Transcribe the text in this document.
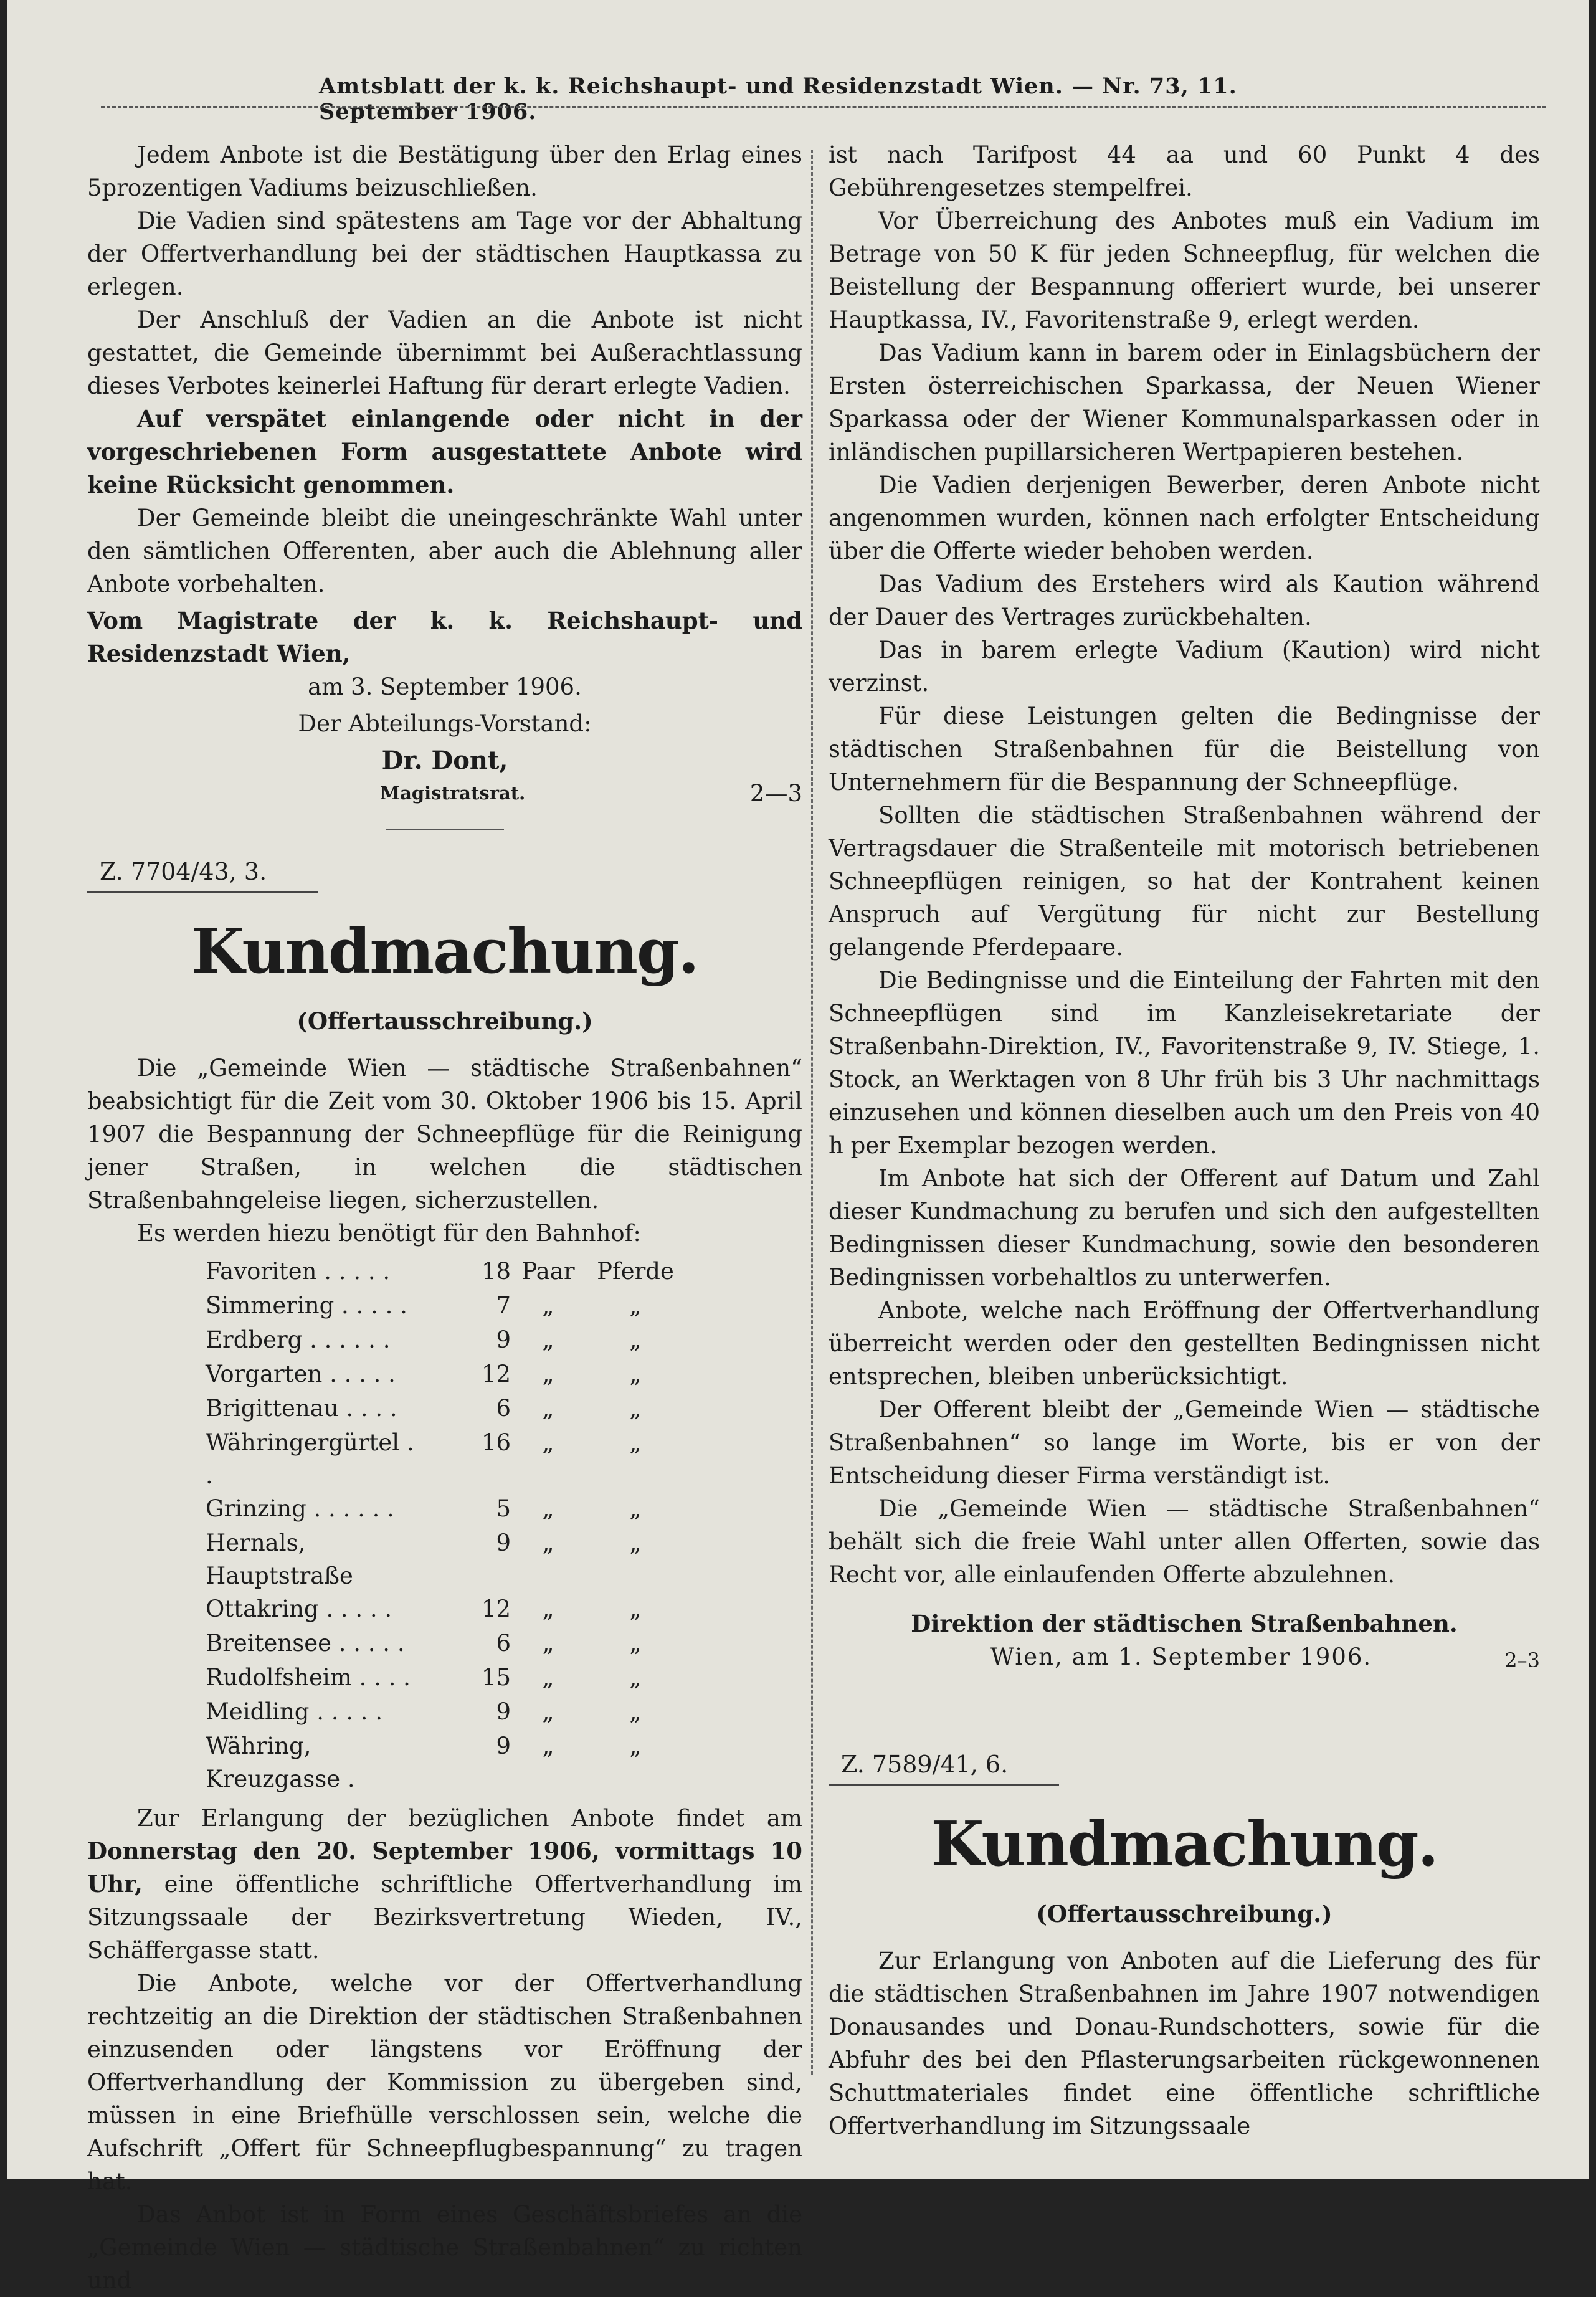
Amtsblatt der k. k. Reichshaupt- und Residenzstadt Wien. — Nr. 73, 11. September 1906.

Jedem Anbote ist die Bestätigung über den Erlag eines 5prozentigen Vadiums beizuschließen.

Die Vadien sind spätestens am Tage vor der Abhaltung der Offertverhandlung bei der städtischen Hauptkassa zu erlegen.

Der Anschluß der Vadien an die Anbote ist nicht gestattet, die Gemeinde übernimmt bei Außerachtlassung dieses Verbotes keinerlei Haftung für derart erlegte Vadien.

Auf verspätet einlangende oder nicht in der vorgeschriebenen Form ausgestattete Anbote wird keine Rücksicht genommen.

Der Gemeinde bleibt die uneingeschränkte Wahl unter den sämtlichen Offerenten, aber auch die Ablehnung aller Anbote vorbehalten.

Vom Magistrate der k. k. Reichshaupt- und Residenzstadt Wien,

am 3. September 1906.

Der Abteilungs-Vorstand:

Dr. Dont,

Magistratsrat.	2—3
Z. 7704/43, 3.
Kundmachung.
(Offertausschreibung.)

Die „Gemeinde Wien — städtische Straßenbahnen“ beabsichtigt für die Zeit vom 30. Oktober 1906 bis 15. April 1907 die Bespannung der Schneepflüge für die Reinigung jener Straßen, in welchen die städtischen Straßenbahngeleise liegen, sicherzustellen.

Es werden hiezu benötigt für den Bahnhof:

Favoriten . . . . .	18	Paar	Pferde
Simmering . . . . .	7	„	„
Erdberg . . . . . .	9	„	„
Vorgarten . . . . .	12	„	„
Brigittenau . . . .	6	„	„
Währingergürtel . .	16	„	„
Grinzing . . . . . .	5	„	„
Hernals, Hauptstraße	9	„	„
Ottakring . . . . .	12	„	„
Breitensee . . . . .	6	„	„
Rudolfsheim . . . .	15	„	„
Meidling . . . . .	9	„	„
Währing, Kreuzgasse .	9	„	„

Zur Erlangung der bezüglichen Anbote findet am Donnerstag den 20. September 1906, vormittags 10 Uhr, eine öffentliche schriftliche Offertverhandlung im Sitzungssaale der Bezirksvertretung Wieden, IV., Schäffergasse statt.

Die Anbote, welche vor der Offertverhandlung rechtzeitig an die Direktion der städtischen Straßenbahnen einzusenden oder längstens vor Eröffnung der Offertverhandlung der Kommission zu übergeben sind, müssen in eine Briefhülle verschlossen sein, welche die Aufschrift „Offert für Schneepflugbespannung“ zu tragen hat.

Das Anbot ist in Form eines Geschäftsbriefes an die „Gemeinde Wien — städtische Straßenbahnen“ zu richten und

ist nach Tarifpost 44 aa und 60 Punkt 4 des Gebührengesetzes stempelfrei.

Vor Überreichung des Anbotes muß ein Vadium im Betrage von 50 K für jeden Schneepflug, für welchen die Beistellung der Bespannung offeriert wurde, bei unserer Hauptkassa, IV., Favoritenstraße 9, erlegt werden.

Das Vadium kann in barem oder in Einlagsbüchern der Ersten österreichischen Sparkassa, der Neuen Wiener Sparkassa oder der Wiener Kommunalsparkassen oder in inländischen pupillarsicheren Wertpapieren bestehen.

Die Vadien derjenigen Bewerber, deren Anbote nicht angenommen wurden, können nach erfolgter Entscheidung über die Offerte wieder behoben werden.

Das Vadium des Erstehers wird als Kaution während der Dauer des Vertrages zurückbehalten.

Das in barem erlegte Vadium (Kaution) wird nicht verzinst.

Für diese Leistungen gelten die Bedingnisse der städtischen Straßenbahnen für die Beistellung von Unternehmern für die Bespannung der Schneepflüge.

Sollten die städtischen Straßenbahnen während der Vertragsdauer die Straßenteile mit motorisch betriebenen Schneepflügen reinigen, so hat der Kontrahent keinen Anspruch auf Vergütung für nicht zur Bestellung gelangende Pferdepaare.

Die Bedingnisse und die Einteilung der Fahrten mit den Schneepflügen sind im Kanzleisekretariate der Straßenbahn-Direktion, IV., Favoritenstraße 9, IV. Stiege, 1. Stock, an Werktagen von 8 Uhr früh bis 3 Uhr nachmittags einzusehen und können dieselben auch um den Preis von 40 h per Exemplar bezogen werden.

Im Anbote hat sich der Offerent auf Datum und Zahl dieser Kundmachung zu berufen und sich den aufgestellten Bedingnissen dieser Kundmachung, sowie den besonderen Bedingnissen vorbehaltlos zu unterwerfen.

Anbote, welche nach Eröffnung der Offertverhandlung überreicht werden oder den gestellten Bedingnissen nicht entsprechen, bleiben unberücksichtigt.

Der Offerent bleibt der „Gemeinde Wien — städtische Straßenbahnen“ so lange im Worte, bis er von der Entscheidung dieser Firma verständigt ist.

Die „Gemeinde Wien — städtische Straßenbahnen“ behält sich die freie Wahl unter allen Offerten, sowie das Recht vor, alle einlaufenden Offerte abzulehnen.

Direktion der städtischen Straßenbahnen.

Wien, am 1. September 1906.	2–3
Z. 7589/41, 6.
Kundmachung.
(Offertausschreibung.)

Zur Erlangung von Anboten auf die Lieferung des für die städtischen Straßenbahnen im Jahre 1907 notwendigen Donausandes und Donau-Rundschotters, sowie für die Abfuhr des bei den Pflasterungsarbeiten rückgewonnenen Schuttmateriales findet eine öffentliche schriftliche Offertverhandlung im Sitzungssaale
